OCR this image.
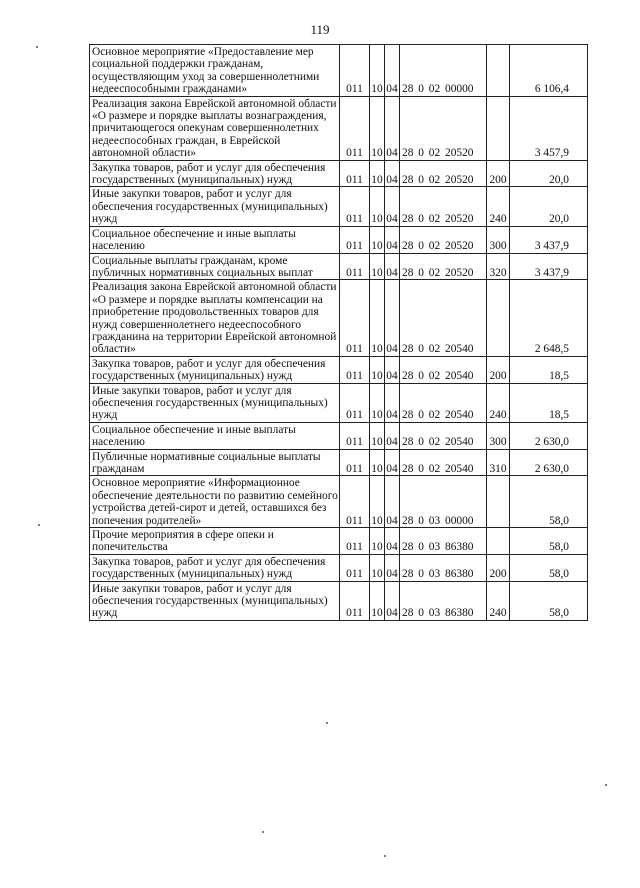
119
Основное мероприятие «Предоставление мер социальной поддержки гражданам, осуществляющим уход за совершеннолетними недееспособными гражданами»	011	10	04	28 0 02 00000		6 106,4
Реализация закона Еврейской автономной области «О размере и порядке выплаты вознаграждения, причитающегося опекунам совершеннолетних недееспособных граждан, в Еврейской автономной области»	011	10	04	28 0 02 20520		3 457,9
Закупка товаров, работ и услуг для обеспечения государственных (муниципальных) нужд	011	10	04	28 0 02 20520	200	20,0
Иные закупки товаров, работ и услуг для обеспечения государственных (муниципальных) нужд	011	10	04	28 0 02 20520	240	20,0
Социальное обеспечение и иные выплаты населению	011	10	04	28 0 02 20520	300	3 437,9
Социальные выплаты гражданам, кроме публичных нормативных социальных выплат	011	10	04	28 0 02 20520	320	3 437,9
Реализация закона Еврейской автономной области «О размере и порядке выплаты компенсации на приобретение продовольственных товаров для нужд совершеннолетнего недееспособного гражданина на территории Еврейской автономной области»	011	10	04	28 0 02 20540		2 648,5
Закупка товаров, работ и услуг для обеспечения государственных (муниципальных) нужд	011	10	04	28 0 02 20540	200	18,5
Иные закупки товаров, работ и услуг для обеспечения государственных (муниципальных) нужд	011	10	04	28 0 02 20540	240	18,5
Социальное обеспечение и иные выплаты населению	011	10	04	28 0 02 20540	300	2 630,0
Публичные нормативные социальные выплаты гражданам	011	10	04	28 0 02 20540	310	2 630,0
Основное мероприятие «Информационное обеспечение деятельности по развитию семейного устройства детей-сирот и детей, оставшихся без попечения родителей»	011	10	04	28 0 03 00000		58,0
Прочие мероприятия в сфере опеки и попечительства	011	10	04	28 0 03 86380		58,0
Закупка товаров, работ и услуг для обеспечения государственных (муниципальных) нужд	011	10	04	28 0 03 86380	200	58,0
Иные закупки товаров, работ и услуг для обеспечения государственных (муниципальных) нужд	011	10	04	28 0 03 86380	240	58,0
